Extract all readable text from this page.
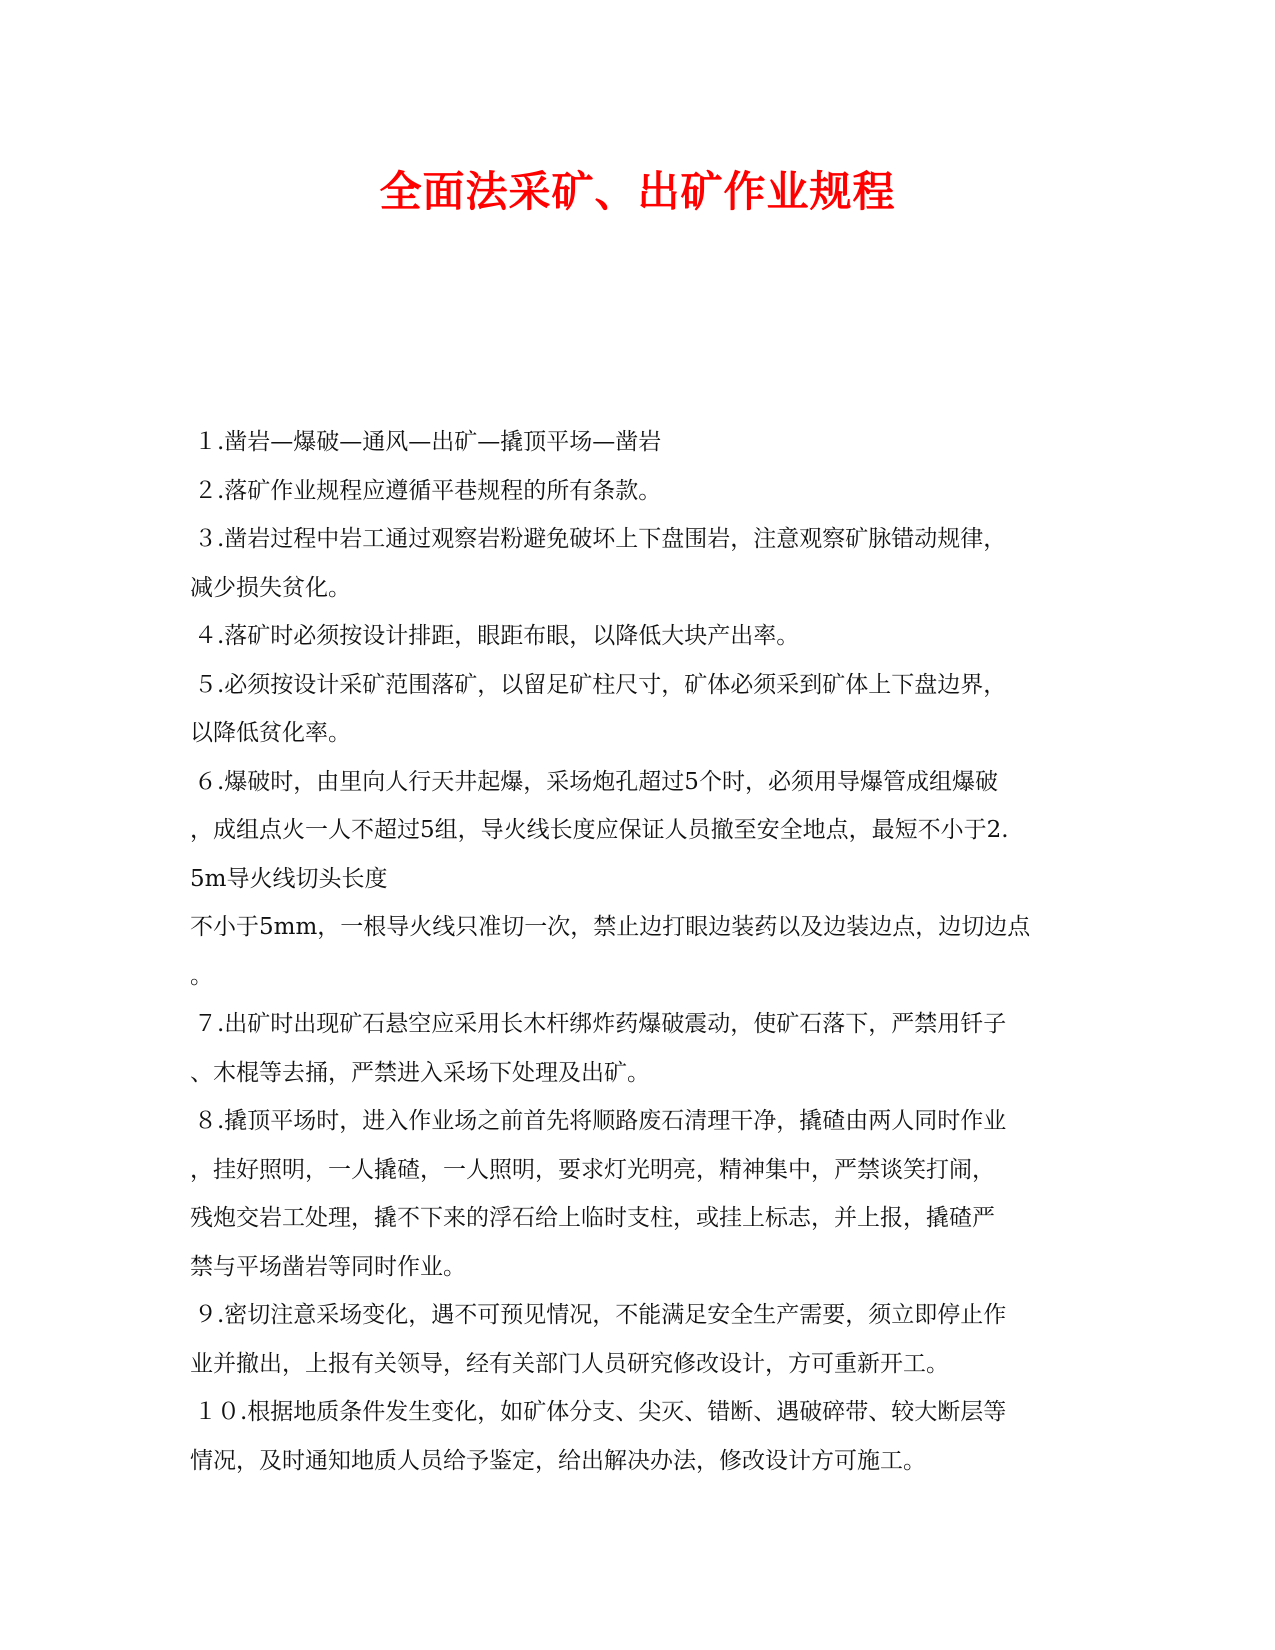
全面法采矿、出矿作业规程
１.凿岩—爆破—通风—出矿—撬顶平场—凿岩
２.落矿作业规程应遵循平巷规程的所有条款。
３.凿岩过程中岩工通过观察岩粉避免破坏上下盘围岩，注意观察矿脉错动规律，
减少损失贫化。
４.落矿时必须按设计排距，眼距布眼，以降低大块产出率。
５.必须按设计采矿范围落矿，以留足矿柱尺寸，矿体必须采到矿体上下盘边界，
以降低贫化率。
６.爆破时，由里向人行天井起爆，采场炮孔超过5个时，必须用导爆管成组爆破
，成组点火一人不超过5组，导火线长度应保证人员撤至安全地点，最短不小于2.
5m导火线切头长度
不小于5mm，一根导火线只准切一次，禁止边打眼边装药以及边装边点，边切边点
。
７.出矿时出现矿石悬空应采用长木杆绑炸药爆破震动，使矿石落下，严禁用钎子
、木棍等去捅，严禁进入采场下处理及出矿。
８.撬顶平场时，进入作业场之前首先将顺路废石清理干净，撬碴由两人同时作业
，挂好照明，一人撬碴，一人照明，要求灯光明亮，精神集中，严禁谈笑打闹，
残炮交岩工处理，撬不下来的浮石给上临时支柱，或挂上标志，并上报，撬碴严
禁与平场凿岩等同时作业。
９.密切注意采场变化，遇不可预见情况，不能满足安全生产需要，须立即停止作
业并撤出，上报有关领导，经有关部门人员研究修改设计，方可重新开工。
１０.根据地质条件发生变化，如矿体分支、尖灭、错断、遇破碎带、较大断层等
情况，及时通知地质人员给予鉴定，给出解决办法，修改设计方可施工。
